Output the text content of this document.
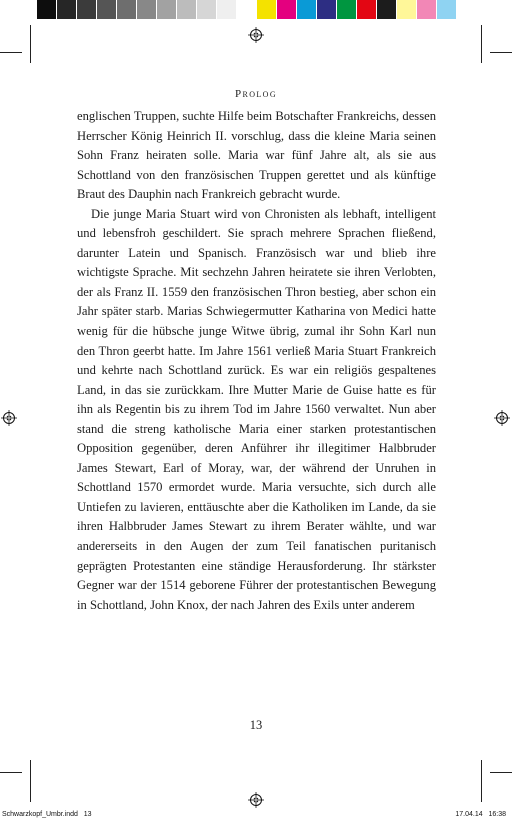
Prolog

englischen Truppen, suchte Hilfe beim Botschafter Frankreichs, dessen Herrscher König Heinrich II. vorschlug, dass die kleine Maria seinen Sohn Franz heiraten solle. Maria war fünf Jahre alt, als sie aus Schottland von den französischen Truppen gerettet und als künftige Braut des Dauphin nach Frankreich gebracht wurde.

Die junge Maria Stuart wird von Chronisten als lebhaft, intelligent und lebensfroh geschildert. Sie sprach mehrere Sprachen fließend, darunter Latein und Spanisch. Französisch war und blieb ihre wichtigste Sprache. Mit sechzehn Jahren heiratete sie ihren Verlobten, der als Franz II. 1559 den französischen Thron bestieg, aber schon ein Jahr später starb. Marias Schwiegermutter Katharina von Medici hatte wenig für die hübsche junge Witwe übrig, zumal ihr Sohn Karl nun den Thron geerbt hatte. Im Jahre 1561 verließ Maria Stuart Frankreich und kehrte nach Schottland zurück. Es war ein religiös gespaltenes Land, in das sie zurückkam. Ihre Mutter Marie de Guise hatte es für ihn als Regentin bis zu ihrem Tod im Jahre 1560 verwaltet. Nun aber stand die streng katholische Maria einer starken protestantischen Opposition gegenüber, deren Anführer ihr illegitimer Halbbruder James Stewart, Earl of Moray, war, der während der Unruhen in Schottland 1570 ermordet wurde. Maria versuchte, sich durch alle Untiefen zu lavieren, enttäuschte aber die Katholiken im Lande, da sie ihren Halbbruder James Stewart zu ihrem Berater wählte, und war andererseits in den Augen der zum Teil fanatischen puritanisch geprägten Protestanten eine ständige Herausforderung. Ihr stärkster Gegner war der 1514 geborene Führer der protestantischen Bewegung in Schottland, John Knox, der nach Jahren des Exils unter anderem

13
Schwarzkopf_Umbr.indd   13	17.04.14   16:38
